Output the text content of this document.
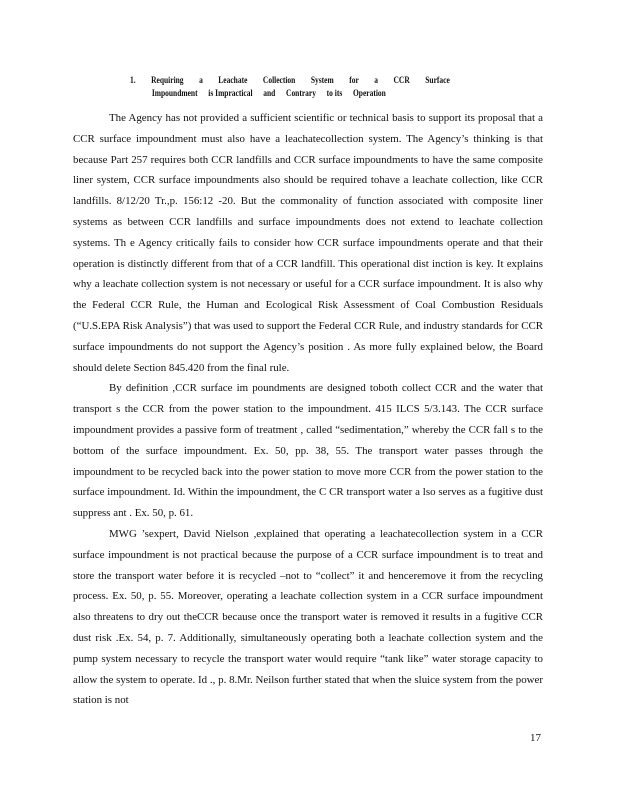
1. Requiring a Leachate Collection System for a CCR Surface
Impoundment is Impractical and Contrary to its Operation

The Agency has not provided a sufficient scientific or technical basis to support its proposal that a CCR surface impoundment must also have a leachatecollection system. The Agency’s thinking is that because Part 257 requires both CCR landfills and CCR surface impoundments to have the same composite liner system, CCR surface impoundments also should be required tohave a leachate collection, like CCR landfills. 8/12/20 Tr.,p. 156:12 -20. But the commonality of function associated with composite liner systems as between CCR landfills and surface impoundments does not extend to leachate collection systems. Th e Agency critically fails to consider how CCR surface impoundments operate and that their operation is distinctly different from that of a CCR landfill. This operational dist inction is key. It explains why a leachate collection system is not necessary or useful for a CCR surface impoundment. It is also why the Federal CCR Rule, the Human and Ecological Risk Assessment of Coal Combustion Residuals (“U.S.EPA Risk Analysis”) that was used to support the Federal CCR Rule, and industry standards for CCR surface impoundments do not support the Agency’s position . As more fully explained below, the Board should delete Section 845.420 from the final rule.

By definition ,CCR surface im poundments are designed toboth collect CCR and the water that transport s the CCR from the power station to the impoundment. 415 ILCS 5/3.143. The CCR surface impoundment provides a passive form of treatment , called “sedimentation,” whereby the CCR fall s to the bottom of the surface impoundment. Ex. 50, pp. 38, 55. The transport water passes through the impoundment to be recycled back into the power station to move more CCR from the power station to the surface impoundment. Id. Within the impoundment, the C CR transport water a lso serves as a fugitive dust suppress ant . Ex. 50, p. 61.

MWG ’sexpert, David Nielson ,explained that operating a leachatecollection system in a CCR surface impoundment is not practical because the purpose of a CCR surface impoundment is to treat and store the transport water before it is recycled –not to “collect” it and henceremove it from the recycling process. Ex. 50, p. 55. Moreover, operating a leachate collection system in a CCR surface impoundment also threatens to dry out theCCR because once the transport water is removed it results in a fugitive CCR dust risk .Ex. 54, p. 7. Additionally, simultaneously operating both a leachate collection system and the pump system necessary to recycle the transport water would require “tank like” water storage capacity to allow the system to operate. Id ., p. 8.Mr. Neilson further stated that when the sluice system from the power station is not

17
